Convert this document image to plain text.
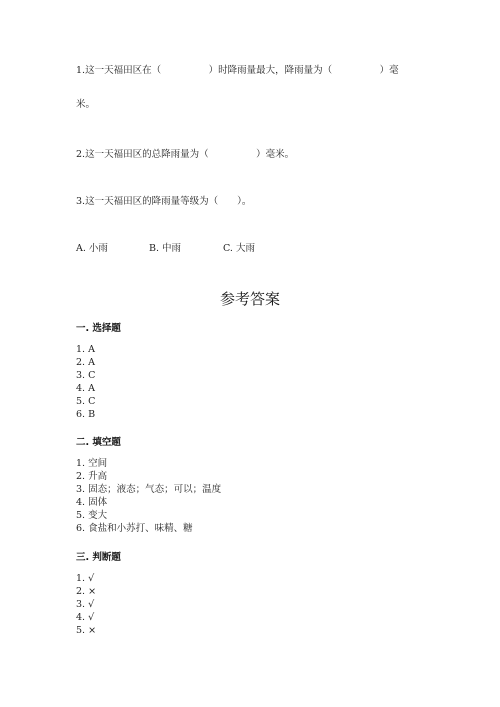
1.这一天福田区在（　　　　　）时降雨量最大，降雨量为（　　　　　）毫
米。
2.这一天福田区的总降雨量为（　　　　　）毫米。
3.这一天福田区的降雨量等级为（　　）。
A. 小雨	B. 中雨	C. 大雨
参考答案
一. 选择题
1. A
2. A
3. C
4. A
5. C
6. B
二. 填空题
1. 空间
2. 升高
3. 固态；液态；气态；可以；温度
4. 固体
5. 变大
6. 食盐和小苏打、味精、糖
三. 判断题
1. √
2. ×
3. √
4. √
5. ×
